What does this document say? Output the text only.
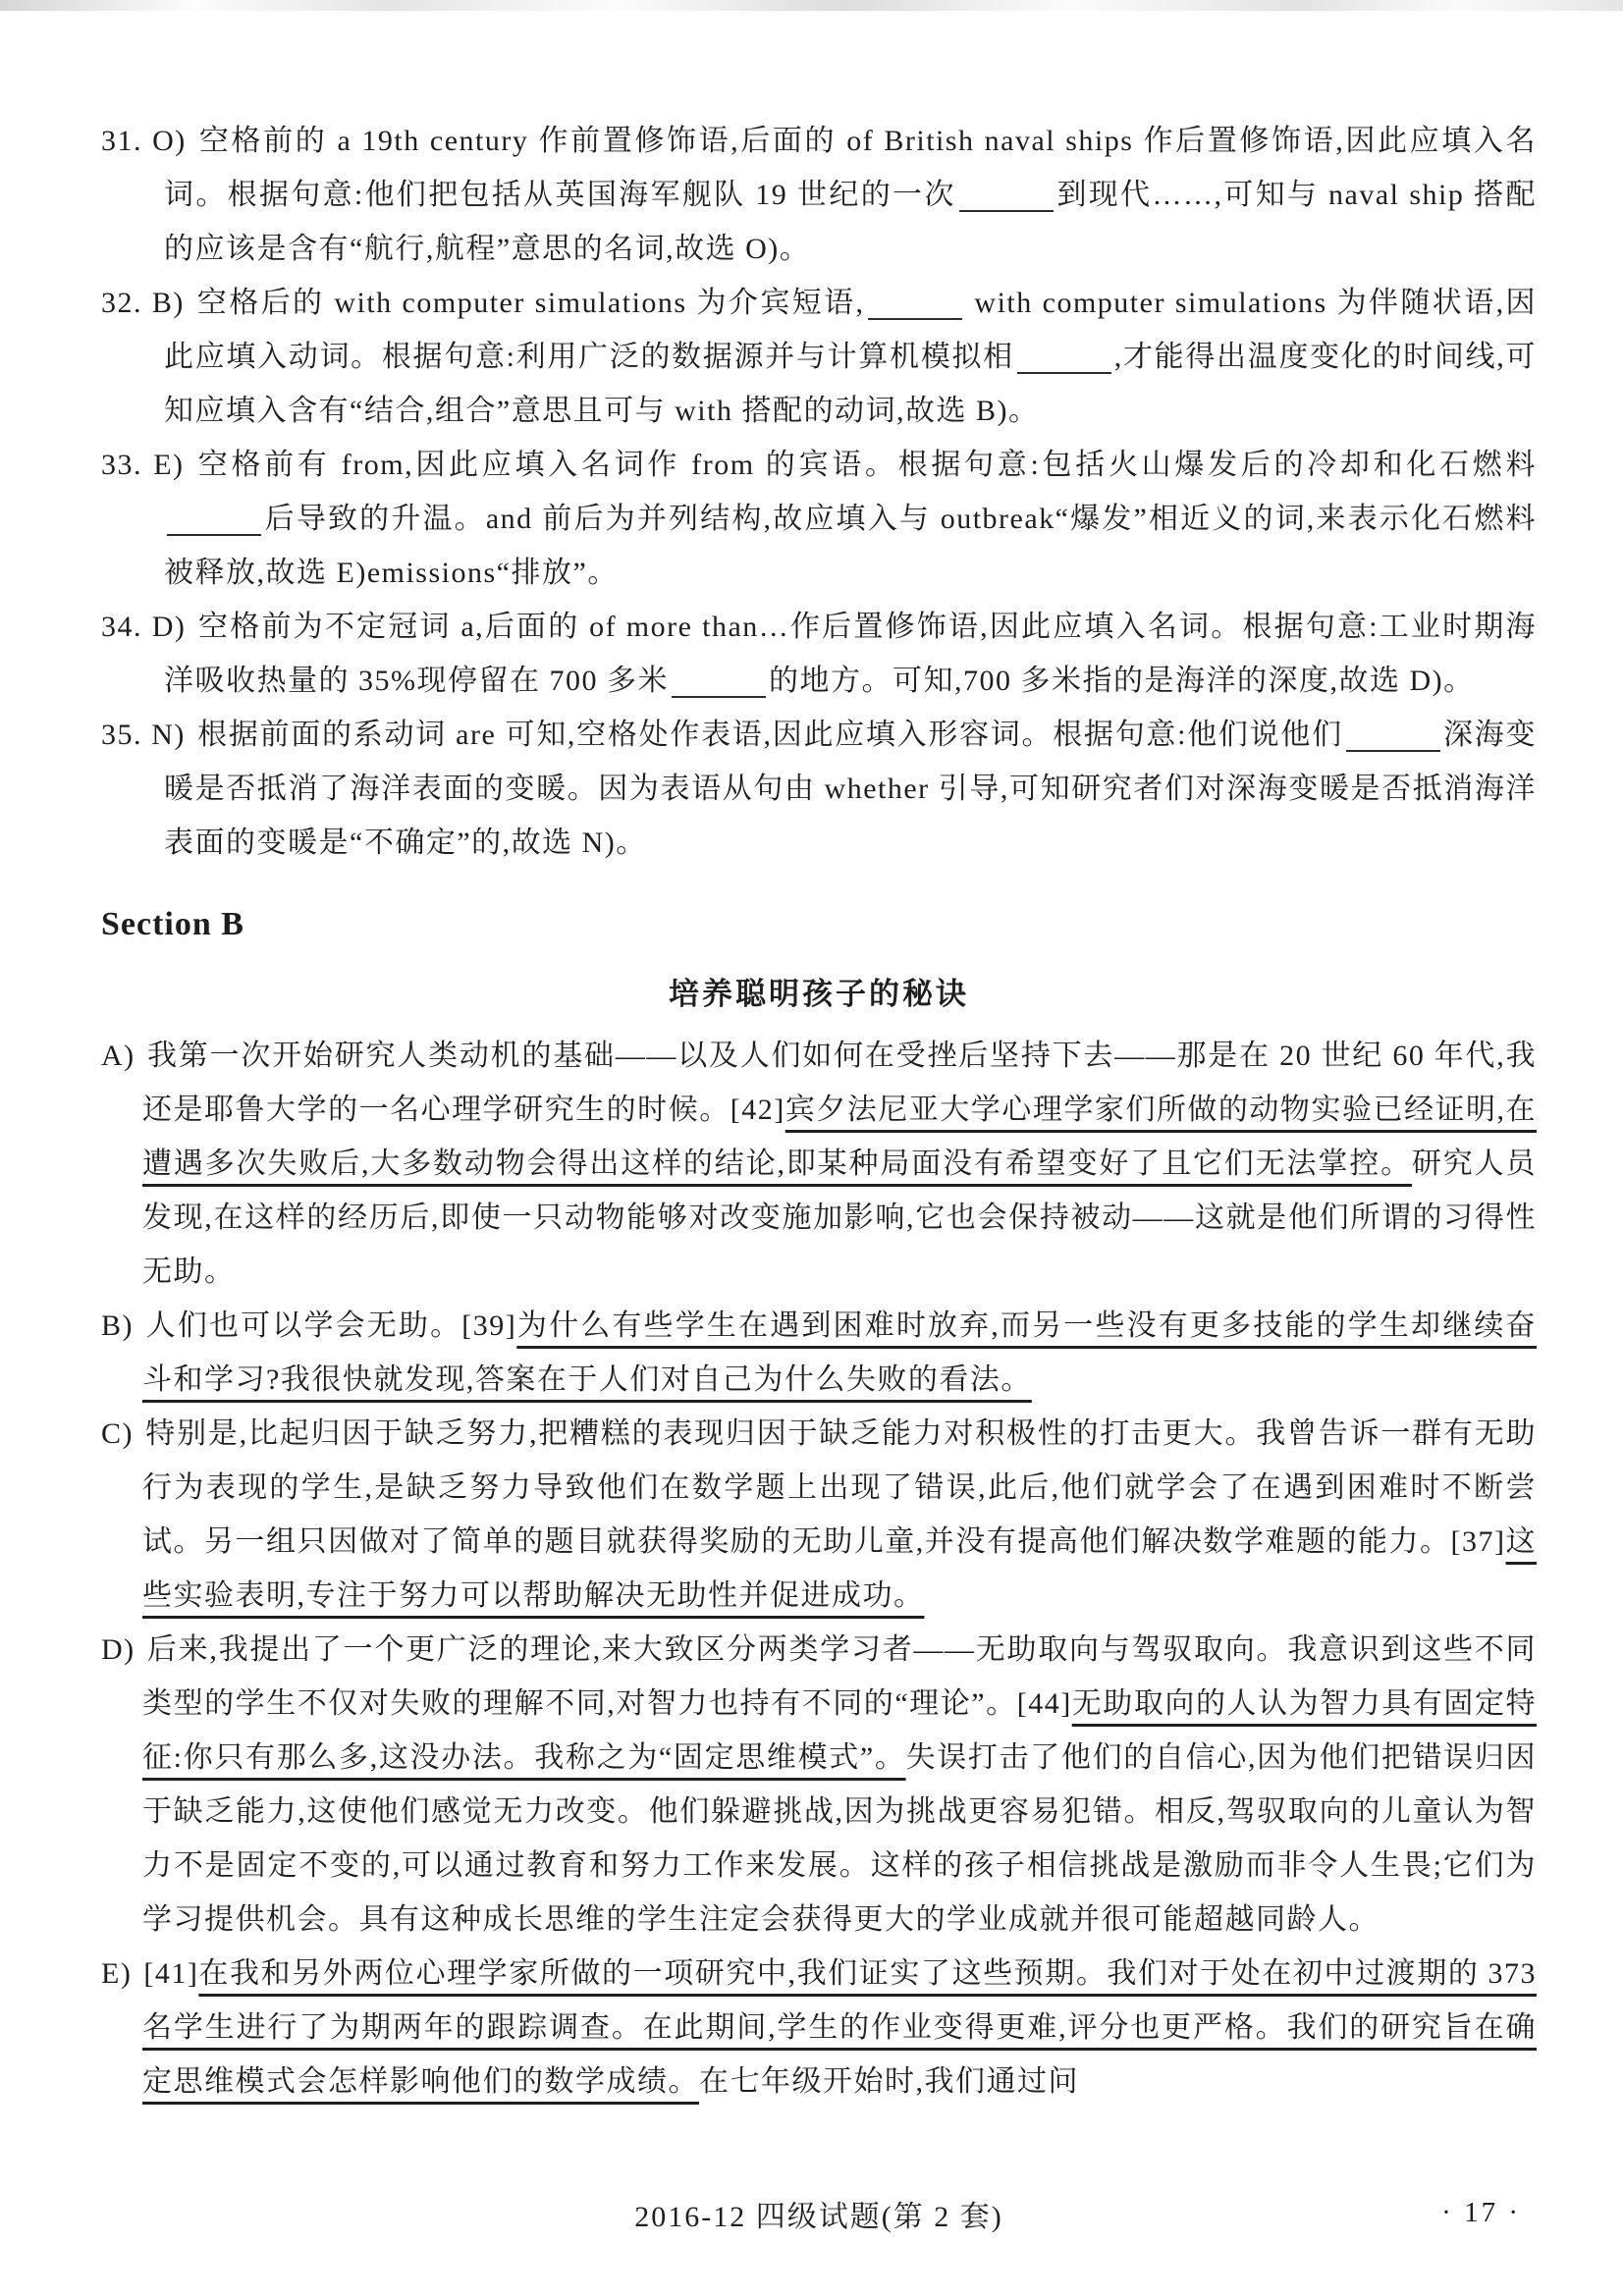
31. O) 空格前的 a 19th century 作前置修饰语,后面的 of British naval ships 作后置修饰语,因此应填入名词。根据句意:他们把包括从英国海军舰队 19 世纪的一次	到现代……,可知与 naval ship 搭配的应该是含有“航行,航程”意思的名词,故选 O)。
32. B) 空格后的 with computer simulations 为介宾短语,	with computer simulations 为伴随状语,因此应填入动词。根据句意:利用广泛的数据源并与计算机模拟相	,才能得出温度变化的时间线,可知应填入含有“结合,组合”意思且可与 with 搭配的动词,故选 B)。
33. E) 空格前有 from,因此应填入名词作 from 的宾语。根据句意:包括火山爆发后的冷却和化石燃料后导致的升温。and 前后为并列结构,故应填入与 outbreak“爆发”相近义的词,来表示化石燃料被释放,故选 E)emissions“排放”。
34. D) 空格前为不定冠词 a,后面的 of more than…作后置修饰语,因此应填入名词。根据句意:工业时期海洋吸收热量的 35%现停留在 700 多米	的地方。可知,700 多米指的是海洋的深度,故选 D)。
35. N) 根据前面的系动词 are 可知,空格处作表语,因此应填入形容词。根据句意:他们说他们	深海变暖是否抵消了海洋表面的变暖。因为表语从句由 whether 引导,可知研究者们对深海变暖是否抵消海洋表面的变暖是“不确定”的,故选 N)。
Section B
培养聪明孩子的秘诀
A) 我第一次开始研究人类动机的基础——以及人们如何在受挫后坚持下去——那是在 20 世纪 60 年代,我还是耶鲁大学的一名心理学研究生的时候。[42]宾夕法尼亚大学心理学家们所做的动物实验已经证明,在遭遇多次失败后,大多数动物会得出这样的结论,即某种局面没有希望变好了且它们无法掌控。研究人员发现,在这样的经历后,即使一只动物能够对改变施加影响,它也会保持被动——这就是他们所谓的习得性无助。
B) 人们也可以学会无助。[39]为什么有些学生在遇到困难时放弃,而另一些没有更多技能的学生却继续奋斗和学习?我很快就发现,答案在于人们对自己为什么失败的看法。
C) 特别是,比起归因于缺乏努力,把糟糕的表现归因于缺乏能力对积极性的打击更大。我曾告诉一群有无助行为表现的学生,是缺乏努力导致他们在数学题上出现了错误,此后,他们就学会了在遇到困难时不断尝试。另一组只因做对了简单的题目就获得奖励的无助儿童,并没有提高他们解决数学难题的能力。[37]这些实验表明,专注于努力可以帮助解决无助性并促进成功。
D) 后来,我提出了一个更广泛的理论,来大致区分两类学习者——无助取向与驾驭取向。我意识到这些不同类型的学生不仅对失败的理解不同,对智力也持有不同的“理论”。[44]无助取向的人认为智力具有固定特征:你只有那么多,这没办法。我称之为“固定思维模式”。失误打击了他们的自信心,因为他们把错误归因于缺乏能力,这使他们感觉无力改变。他们躲避挑战,因为挑战更容易犯错。相反,驾驭取向的儿童认为智力不是固定不变的,可以通过教育和努力工作来发展。这样的孩子相信挑战是激励而非令人生畏;它们为学习提供机会。具有这种成长思维的学生注定会获得更大的学业成就并很可能超越同龄人。
E) [41]在我和另外两位心理学家所做的一项研究中,我们证实了这些预期。我们对于处在初中过渡期的 373 名学生进行了为期两年的跟踪调查。在此期间,学生的作业变得更难,评分也更严格。我们的研究旨在确定思维模式会怎样影响他们的数学成绩。在七年级开始时,我们通过问
2016-12 四级试题(第 2 套)	· 17 ·
